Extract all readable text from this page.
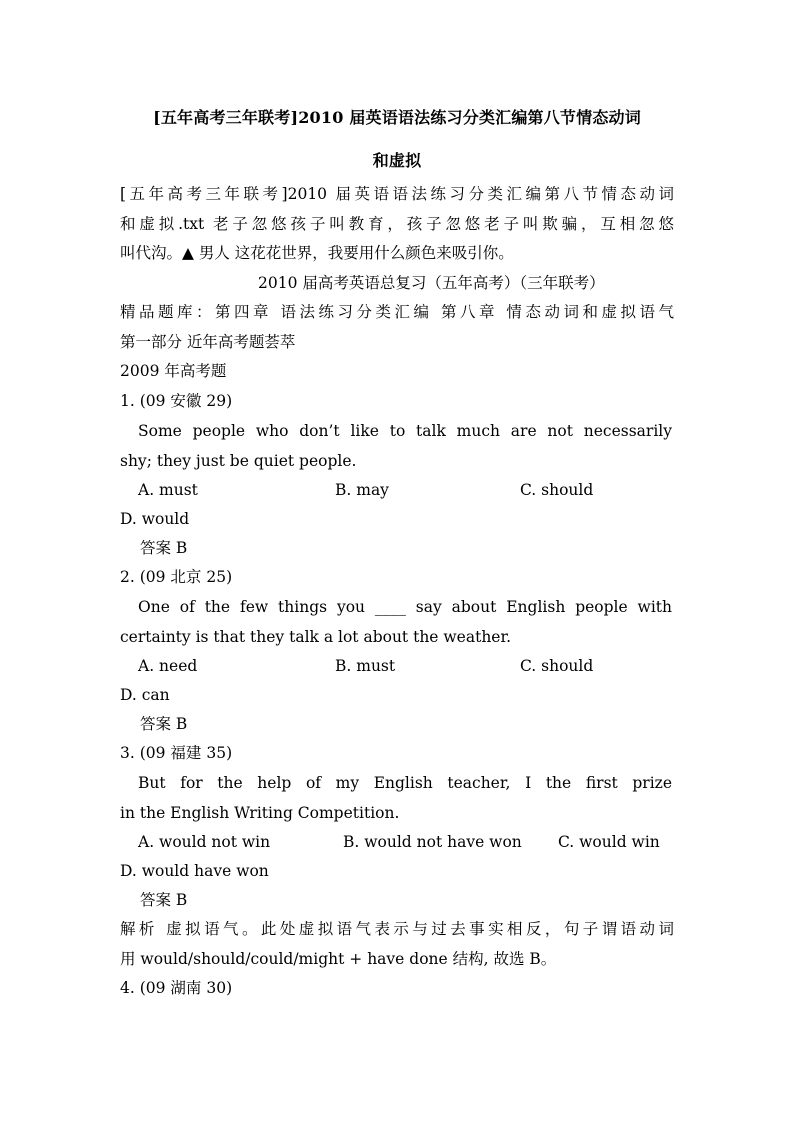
[五年高考三年联考]2010 届英语语法练习分类汇编第八节情态动词
和虚拟
[五年高考三年联考]2010 届英语语法练习分类汇编第八节情态动词
和虚拟.txt 老子忽悠孩子叫教育，孩子忽悠老子叫欺骗，互相忽悠
叫代沟。▲ 男人 这花花世界，我要用什么颜色来吸引你。
2010 届高考英语总复习（五年高考）（三年联考）
精品题库：第四章 语法练习分类汇编 第八章 情态动词和虚拟语气
第一部分 近年高考题荟萃
2009 年高考题
1. (09 安徽 29)
Some people who don’t like to talk much are not necessarily
shy; they just be quiet people.
A. must	B. may	C. should
D. would
答案 B
2. (09 北京 25)
One of the few things you ____ say about English people with
certainty is that they talk a lot about the weather.
A. need	B. must	C. should
D. can
答案 B
3. (09 福建 35)
But for the help of my English teacher, I the first prize
in the English Writing Competition.
A. would not win	B. would not have won C. would win
D. would have won
答案 B
解析 虚拟语气。此处虚拟语气表示与过去事实相反，句子谓语动词
用 would/should/could/might + have done 结构, 故选 B。
4. (09 湖南 30)
